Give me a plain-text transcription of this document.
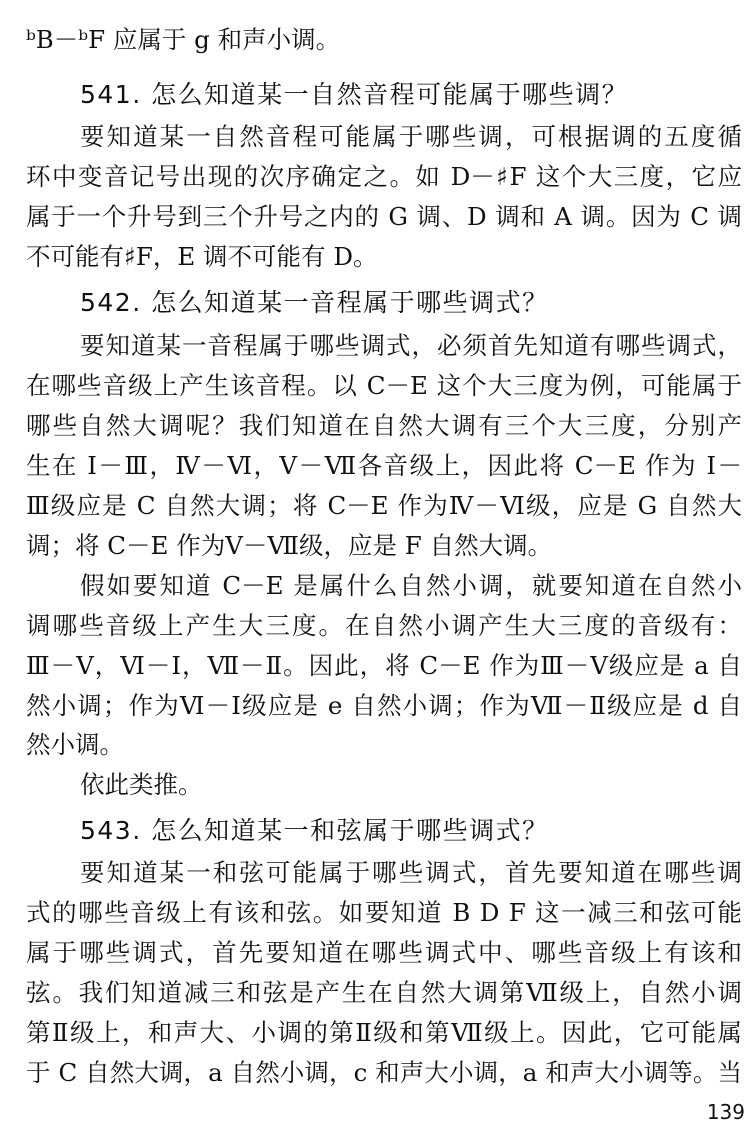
ᵇB－ᵇF 应属于 g 和声小调。
541. 怎么知道某一自然音程可能属于哪些调？
要知道某一自然音程可能属于哪些调，可根据调的五度循
环中变音记号出现的次序确定之。如 D－♯F 这个大三度，它应
属于一个升号到三个升号之内的 G 调、D 调和 A 调。因为 C 调
不可能有♯F，E 调不可能有 D。
542. 怎么知道某一音程属于哪些调式？
要知道某一音程属于哪些调式，必须首先知道有哪些调式，
在哪些音级上产生该音程。以 C－E 这个大三度为例，可能属于
哪些自然大调呢？我们知道在自然大调有三个大三度，分别产
生在 Ⅰ－Ⅲ，Ⅳ－Ⅵ，Ⅴ－Ⅶ各音级上，因此将 C－E 作为 Ⅰ－
Ⅲ级应是 C 自然大调；将 C－E 作为Ⅳ－Ⅵ级，应是 G 自然大
调；将 C－E 作为Ⅴ－Ⅶ级，应是 F 自然大调。
假如要知道 C－E 是属什么自然小调，就要知道在自然小
调哪些音级上产生大三度。在自然小调产生大三度的音级有：
Ⅲ－Ⅴ，Ⅵ－Ⅰ，Ⅶ－Ⅱ。因此，将 C－E 作为Ⅲ－Ⅴ级应是 a 自
然小调；作为Ⅵ－Ⅰ级应是 e 自然小调；作为Ⅶ－Ⅱ级应是 d 自
然小调。
依此类推。
543. 怎么知道某一和弦属于哪些调式？
要知道某一和弦可能属于哪些调式，首先要知道在哪些调
式的哪些音级上有该和弦。如要知道 B D F 这一减三和弦可能
属于哪些调式，首先要知道在哪些调式中、哪些音级上有该和
弦。我们知道减三和弦是产生在自然大调第Ⅶ级上，自然小调
第Ⅱ级上，和声大、小调的第Ⅱ级和第Ⅶ级上。因此，它可能属
于 C 自然大调，a 自然小调，c 和声大小调，a 和声大小调等。当
139
